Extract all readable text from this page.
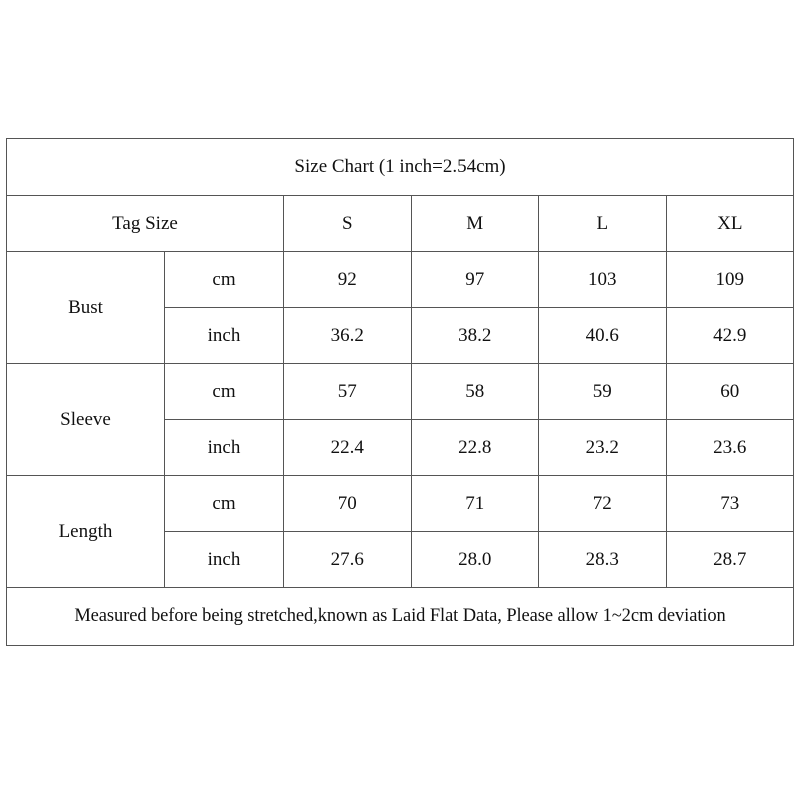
Size Chart (1 inch=2.54cm)					
Tag Size		S	M	L	XL
Bust	cm	92	97	103	109
	inch	36.2	38.2	40.6	42.9
Sleeve	cm	57	58	59	60
	inch	22.4	22.8	23.2	23.6
Length	cm	70	71	72	73
	inch	27.6	28.0	28.3	28.7
Measured before being stretched,known as Laid Flat Data, Please allow 1~2cm deviation					
